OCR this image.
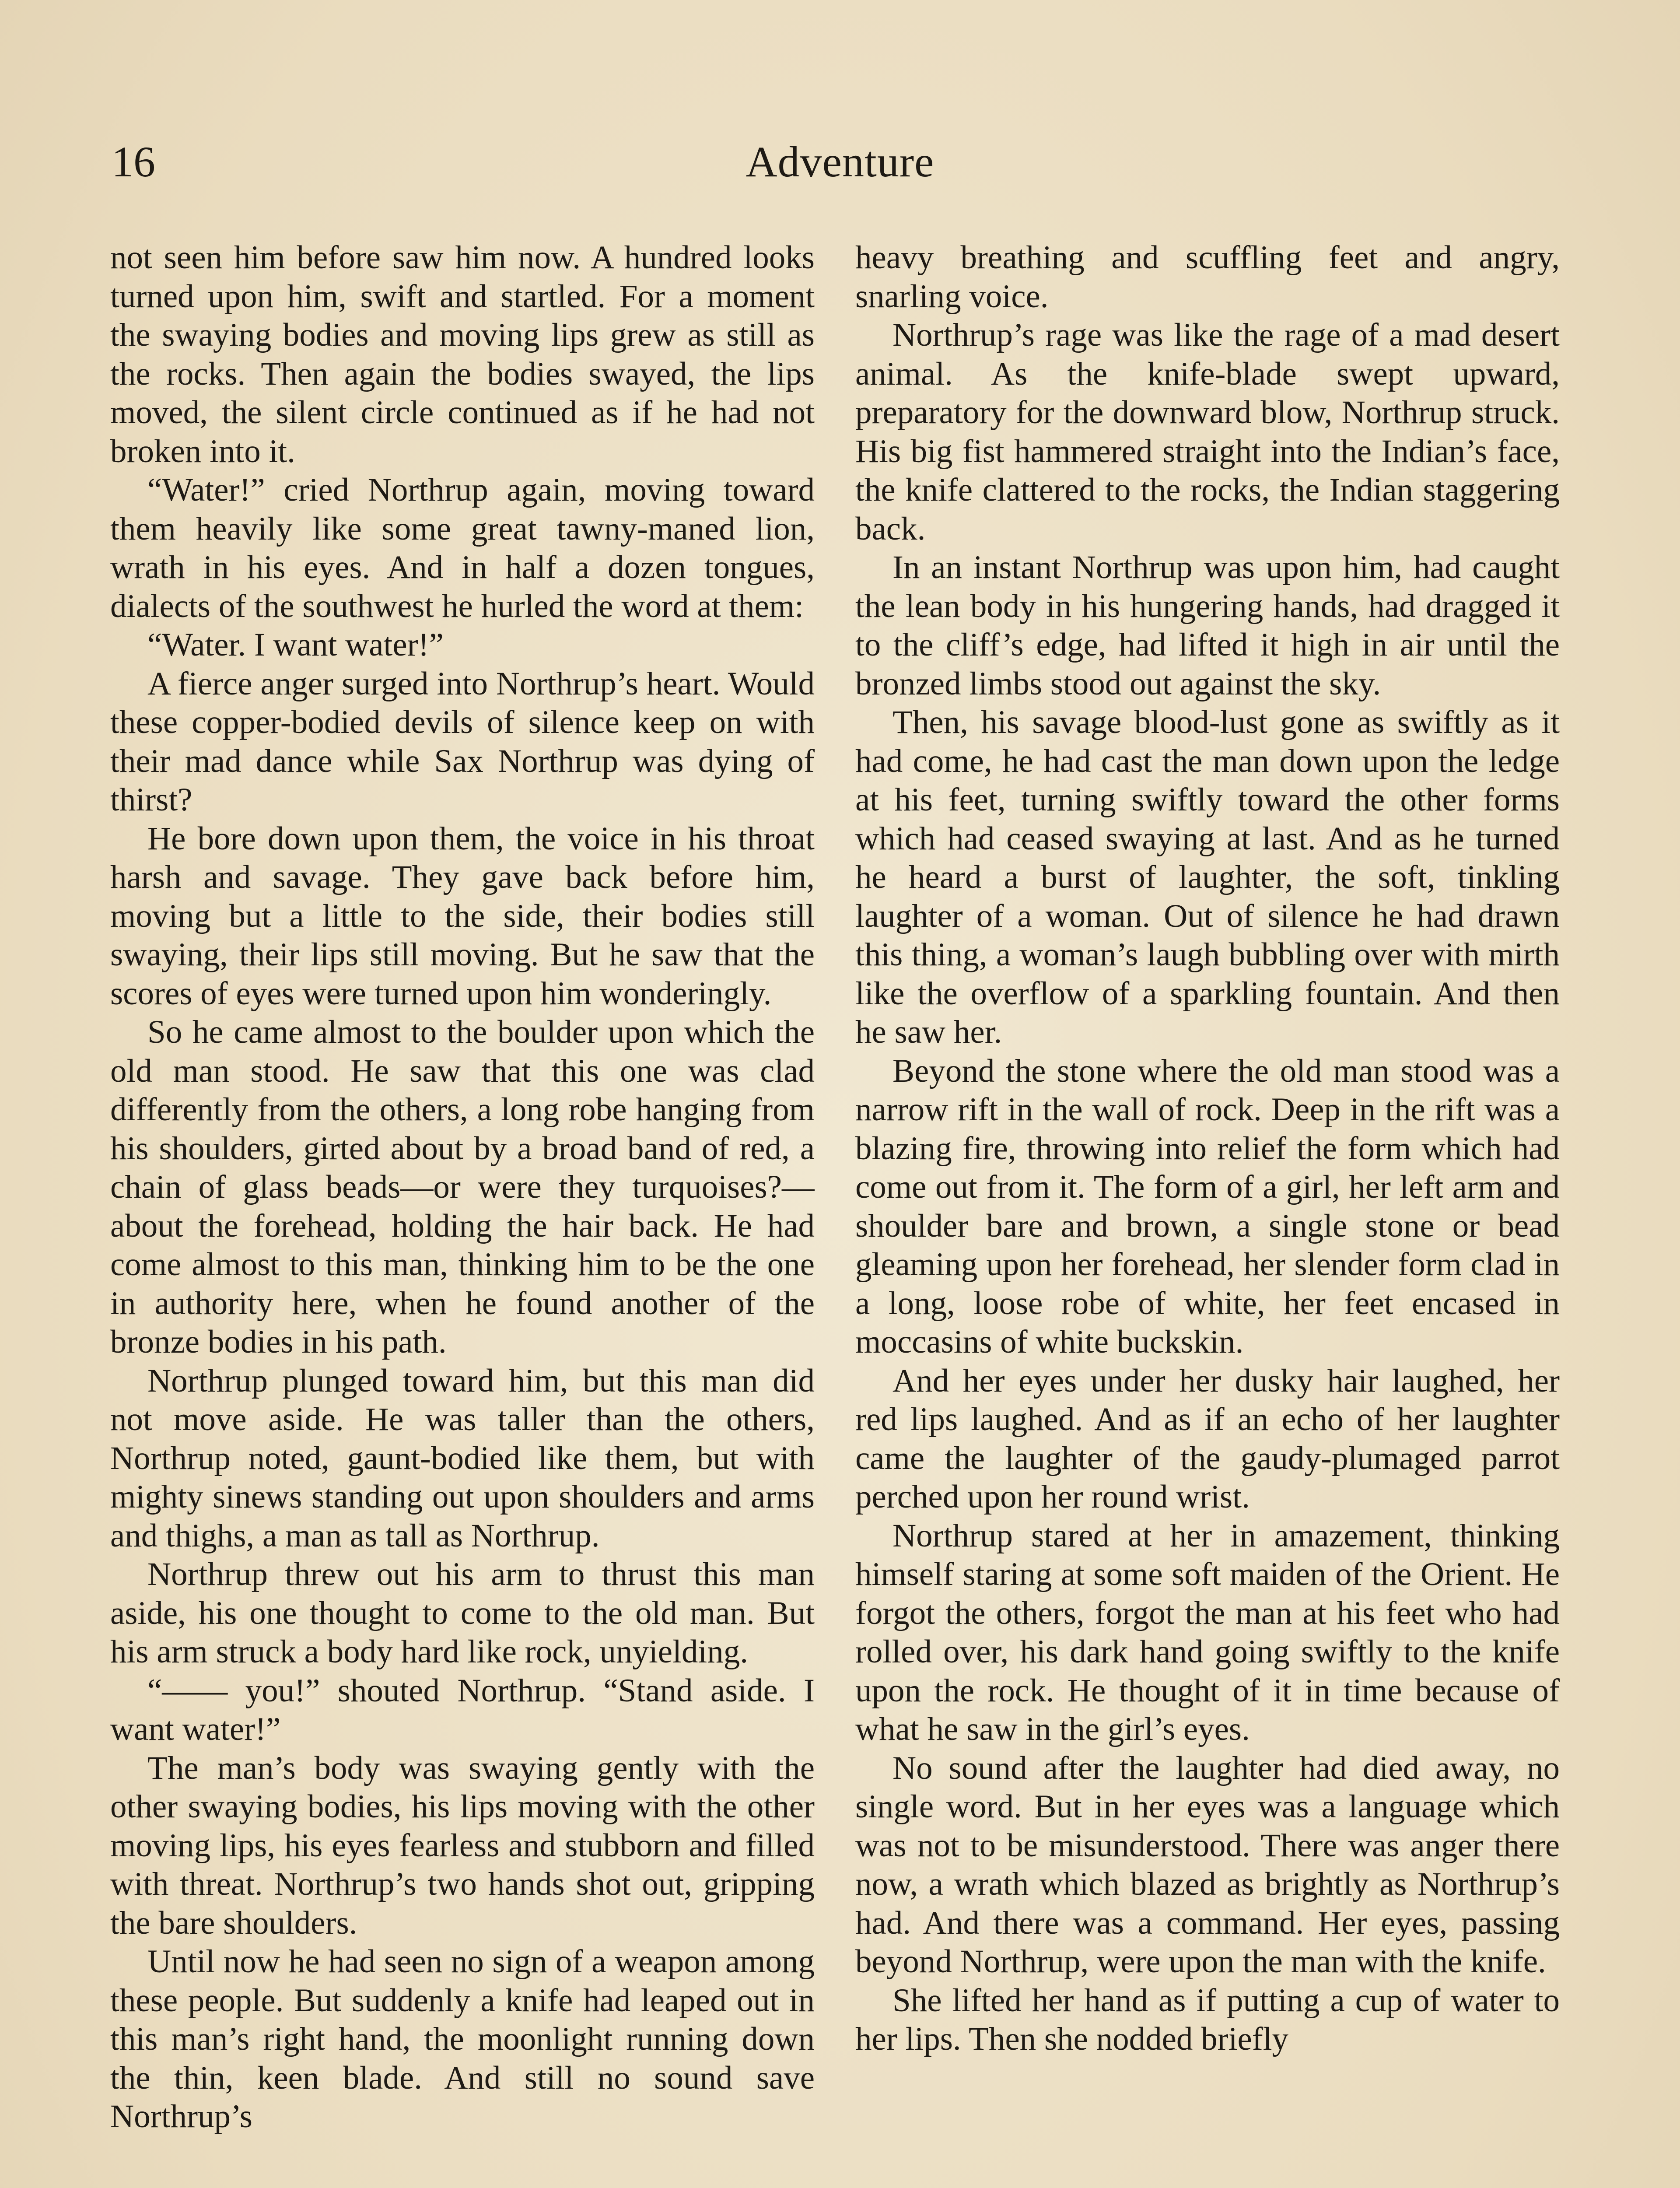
16	Adventure

not seen him before saw him now. A hundred looks turned upon him, swift and startled. For a moment the swaying bodies and moving lips grew as still as the rocks. Then again the bodies swayed, the lips moved, the silent circle continued as if he had not broken into it.

“Water!” cried Northrup again, moving toward them heavily like some great tawny-maned lion, wrath in his eyes. And in half a dozen tongues, dialects of the southwest he hurled the word at them:

“Water. I want water!”

A fierce anger surged into Northrup’s heart. Would these copper-bodied devils of silence keep on with their mad dance while Sax Northrup was dying of thirst?

He bore down upon them, the voice in his throat harsh and savage. They gave back before him, moving but a little to the side, their bodies still swaying, their lips still moving. But he saw that the scores of eyes were turned upon him wonderingly.

So he came almost to the boulder upon which the old man stood. He saw that this one was clad differently from the others, a long robe hanging from his shoulders, girted about by a broad band of red, a chain of glass beads—or were they turquoises?—about the forehead, holding the hair back. He had come almost to this man, thinking him to be the one in authority here, when he found another of the bronze bodies in his path.

Northrup plunged toward him, but this man did not move aside. He was taller than the others, Northrup noted, gaunt-bodied like them, but with mighty sinews standing out upon shoulders and arms and thighs, a man as tall as Northrup.

Northrup threw out his arm to thrust this man aside, his one thought to come to the old man. But his arm struck a body hard like rock, unyielding.

“—— you!” shouted Northrup. “Stand aside. I want water!”

The man’s body was swaying gently with the other swaying bodies, his lips moving with the other moving lips, his eyes fearless and stubborn and filled with threat. Northrup’s two hands shot out, gripping the bare shoulders.

Until now he had seen no sign of a weapon among these people. But suddenly a knife had leaped out in this man’s right hand, the moonlight running down the thin, keen blade. And still no sound save Northrup’s

heavy breathing and scuffling feet and angry, snarling voice.

Northrup’s rage was like the rage of a mad desert animal. As the knife-blade swept upward, preparatory for the downward blow, Northrup struck. His big fist hammered straight into the Indian’s face, the knife clattered to the rocks, the Indian staggering back.

In an instant Northrup was upon him, had caught the lean body in his hungering hands, had dragged it to the cliff’s edge, had lifted it high in air until the bronzed limbs stood out against the sky.

Then, his savage blood-lust gone as swiftly as it had come, he had cast the man down upon the ledge at his feet, turning swiftly toward the other forms which had ceased swaying at last. And as he turned he heard a burst of laughter, the soft, tinkling laughter of a woman. Out of silence he had drawn this thing, a woman’s laugh bubbling over with mirth like the overflow of a sparkling fountain. And then he saw her.

Beyond the stone where the old man stood was a narrow rift in the wall of rock. Deep in the rift was a blazing fire, throwing into relief the form which had come out from it. The form of a girl, her left arm and shoulder bare and brown, a single stone or bead gleaming upon her forehead, her slender form clad in a long, loose robe of white, her feet encased in moccasins of white buckskin.

And her eyes under her dusky hair laughed, her red lips laughed. And as if an echo of her laughter came the laughter of the gaudy-plumaged parrot perched upon her round wrist.

Northrup stared at her in amazement, thinking himself staring at some soft maiden of the Orient. He forgot the others, forgot the man at his feet who had rolled over, his dark hand going swiftly to the knife upon the rock. He thought of it in time because of what he saw in the girl’s eyes.

No sound after the laughter had died away, no single word. But in her eyes was a language which was not to be misunderstood. There was anger there now, a wrath which blazed as brightly as Northrup’s had. And there was a command. Her eyes, passing beyond Northrup, were upon the man with the knife.

She lifted her hand as if putting a cup of water to her lips. Then she nodded briefly
